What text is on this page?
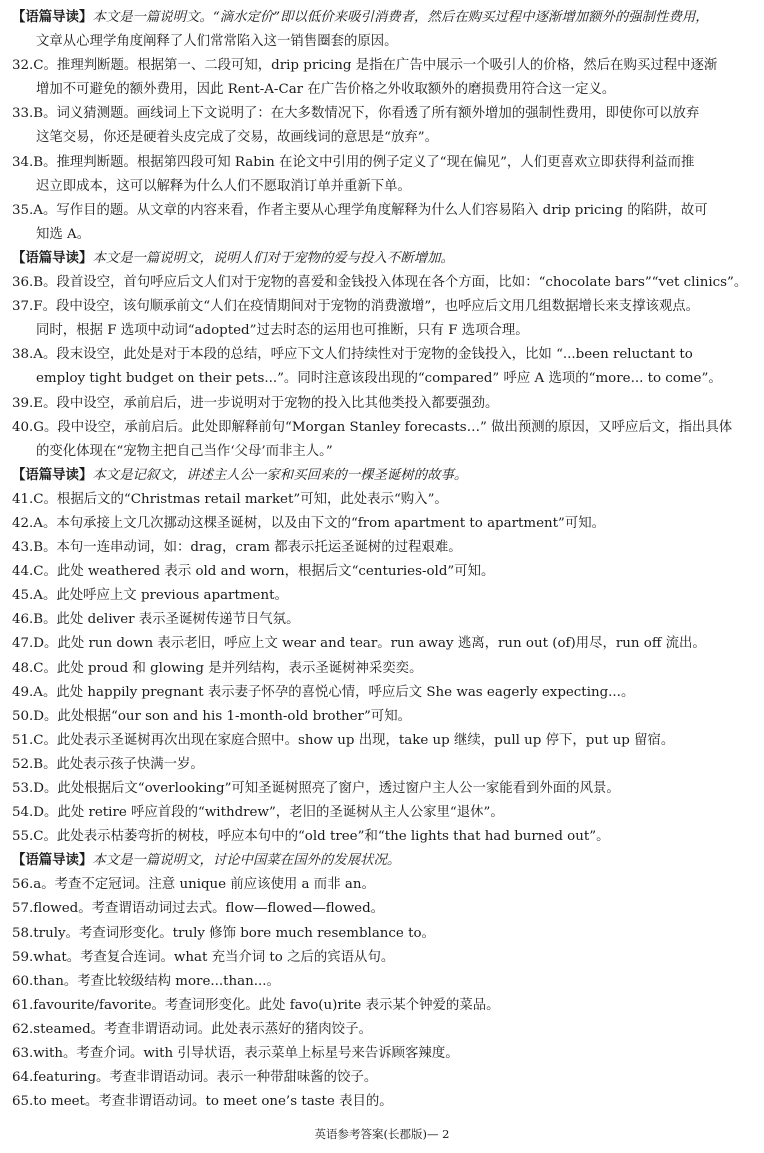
【语篇导读】本文是一篇说明文。“滴水定价”即以低价来吸引消费者，然后在购买过程中逐渐增加额外的强制性费用，
文章从心理学角度阐释了人们常常陷入这一销售圈套的原因。
32.C。推理判断题。根据第一、二段可知，drip pricing 是指在广告中展示一个吸引人的价格，然后在购买过程中逐渐
增加不可避免的额外费用，因此 Rent-A-Car 在广告价格之外收取额外的磨损费用符合这一定义。
33.B。词义猜测题。画线词上下文说明了：在大多数情况下，你看透了所有额外增加的强制性费用，即使你可以放弃
这笔交易，你还是硬着头皮完成了交易，故画线词的意思是“放弃”。
34.B。推理判断题。根据第四段可知 Rabin 在论文中引用的例子定义了“现在偏见”，人们更喜欢立即获得利益而推
迟立即成本，这可以解释为什么人们不愿取消订单并重新下单。
35.A。写作目的题。从文章的内容来看，作者主要从心理学角度解释为什么人们容易陷入 drip pricing 的陷阱，故可
知选 A。
【语篇导读】本文是一篇说明文，说明人们对于宠物的爱与投入不断增加。
36.B。段首设空，首句呼应后文人们对于宠物的喜爱和金钱投入体现在各个方面，比如：“chocolate bars”“vet clinics”。
37.F。段中设空，该句顺承前文“人们在疫情期间对于宠物的消费激增”，也呼应后文用几组数据增长来支撑该观点。
同时，根据 F 选项中动词“adopted”过去时态的运用也可推断，只有 F 选项合理。
38.A。段末设空，此处是对于本段的总结，呼应下文人们持续性对于宠物的金钱投入，比如 “...been reluctant to
employ tight budget on their pets...”。同时注意该段出现的“compared” 呼应 A 选项的“more... to come”。
39.E。段中设空，承前启后，进一步说明对于宠物的投入比其他类投入都要强劲。
40.G。段中设空，承前启后。此处即解释前句“Morgan Stanley forecasts…” 做出预测的原因，又呼应后文，指出具体
的变化体现在“宠物主把自己当作‘父母’而非主人。”
【语篇导读】本文是记叙文，讲述主人公一家和买回来的一棵圣诞树的故事。
41.C。根据后文的“Christmas retail market”可知，此处表示“购入”。
42.A。本句承接上文几次挪动这棵圣诞树，以及由下文的“from apartment to apartment”可知。
43.B。本句一连串动词，如：drag，cram 都表示托运圣诞树的过程艰难。
44.C。此处 weathered 表示 old and worn，根据后文“centuries-old”可知。
45.A。此处呼应上文 previous apartment。
46.B。此处 deliver 表示圣诞树传递节日气氛。
47.D。此处 run down 表示老旧，呼应上文 wear and tear。run away 逃离，run out (of)用尽，run off 流出。
48.C。此处 proud 和 glowing 是并列结构，表示圣诞树神采奕奕。
49.A。此处 happily pregnant 表示妻子怀孕的喜悦心情，呼应后文 She was eagerly expecting...。
50.D。此处根据“our son and his 1-month-old brother”可知。
51.C。此处表示圣诞树再次出现在家庭合照中。show up 出现，take up 继续，pull up 停下，put up 留宿。
52.B。此处表示孩子快满一岁。
53.D。此处根据后文“overlooking”可知圣诞树照亮了窗户，透过窗户主人公一家能看到外面的风景。
54.D。此处 retire 呼应首段的“withdrew”，老旧的圣诞树从主人公家里“退休”。
55.C。此处表示枯萎弯折的树枝，呼应本句中的“old tree”和“the lights that had burned out”。
【语篇导读】本文是一篇说明文，讨论中国菜在国外的发展状况。
56.a。考查不定冠词。注意 unique 前应该使用 a 而非 an。
57.flowed。考查谓语动词过去式。flow—flowed—flowed。
58.truly。考查词形变化。truly 修饰 bore much resemblance to。
59.what。考查复合连词。what 充当介词 to 之后的宾语从句。
60.than。考查比较级结构 more...than...。
61.favourite/favorite。考查词形变化。此处 favo(u)rite 表示某个钟爱的菜品。
62.steamed。考查非谓语动词。此处表示蒸好的猪肉饺子。
63.with。考查介词。with 引导状语，表示菜单上标星号来告诉顾客辣度。
64.featuring。考查非谓语动词。表示一种带甜味酱的饺子。
65.to meet。考查非谓语动词。to meet one’s taste 表目的。
英语参考答案(长郡版)— 2
